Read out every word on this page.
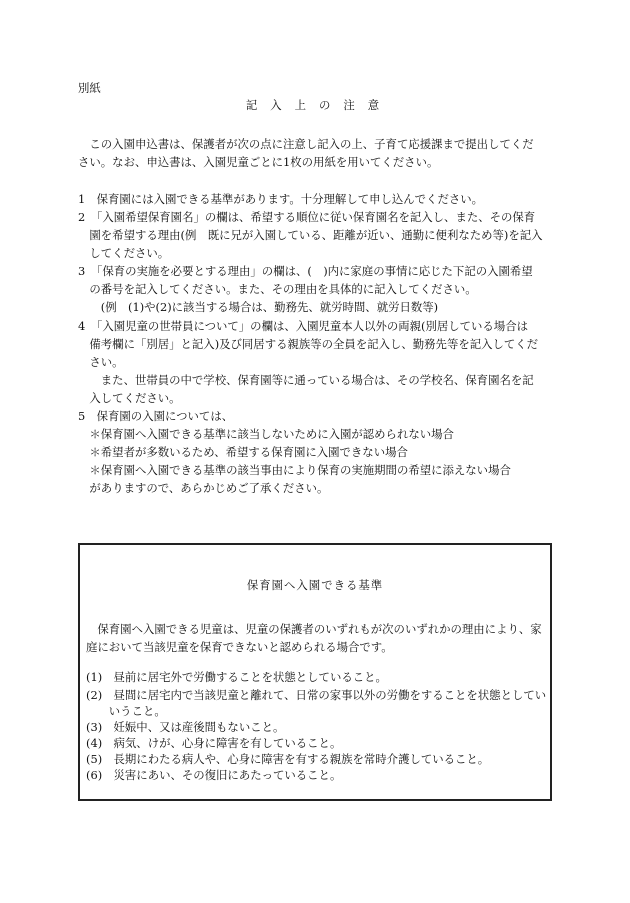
別紙
記入上の注意
　この入園申込書は、保護者が次の点に注意し記入の上、子育て応援課まで提出してくだ
さい。なお、申込書は、入園児童ごとに1枚の用紙を用いてください。
1　保育園には入園できる基準があります。十分理解して申し込んでください。
2　「入園希望保育園名」の欄は、希望する順位に従い保育園名を記入し、また、その保育
　園を希望する理由(例　既に兄が入園している、距離が近い、通勤に便利なため等)を記入
　してください。
3　「保育の実施を必要とする理由」の欄は、(　)内に家庭の事情に応じた下記の入園希望
　の番号を記入してください。また、その理由を具体的に記入してください。
　　(例　(1)や(2)に該当する場合は、勤務先、就労時間、就労日数等)
4　「入園児童の世帯員について」の欄は、入園児童本人以外の両親(別居している場合は
　備考欄に「別居」と記入)及び同居する親族等の全員を記入し、勤務先等を記入してくだ
　さい。
　　また、世帯員の中で学校、保育園等に通っている場合は、その学校名、保育園名を記
　入してください。
5　保育園の入園については、
　＊保育園へ入園できる基準に該当しないために入園が認められない場合
　＊希望者が多数いるため、希望する保育園に入園できない場合
　＊保育園へ入園できる基準の該当事由により保育の実施期間の希望に添えない場合
　がありますので、あらかじめご了承ください。
保育園へ入園できる基準
　保育園へ入園できる児童は、児童の保護者のいずれもが次のいずれかの理由により、家
庭において当該児童を保育できないと認められる場合です。
(1)　昼前に居宅外で労働することを状態としていること。
(2)　昼間に居宅内で当該児童と離れて、日常の家事以外の労働をすることを状態としてい
　　いうこと。
(3)　妊娠中、又は産後間もないこと。
(4)　病気、けが、心身に障害を有していること。
(5)　長期にわたる病人や、心身に障害を有する親族を常時介護していること。
(6)　災害にあい、その復旧にあたっていること。
